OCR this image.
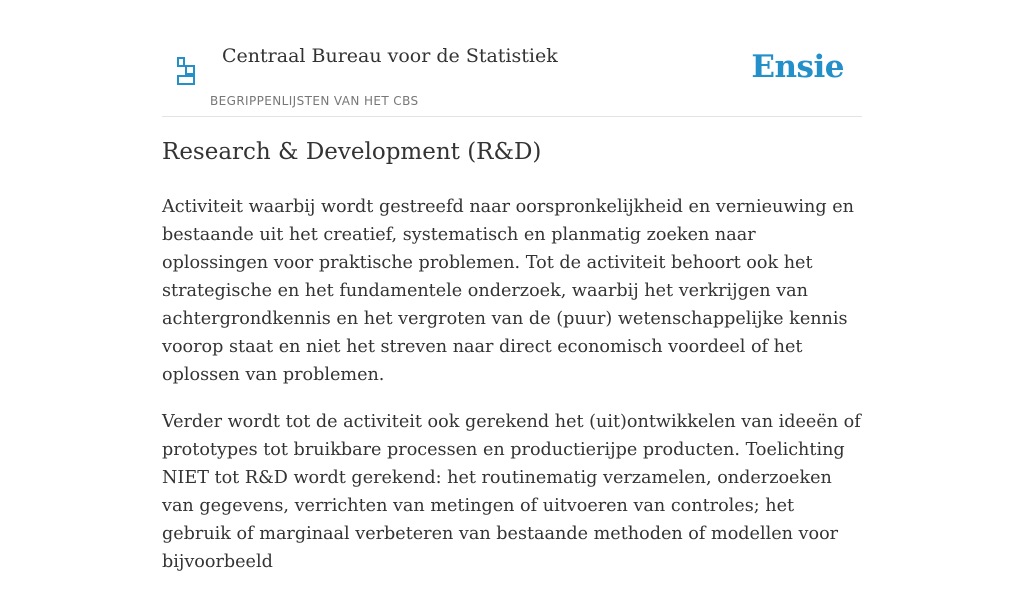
Centraal Bureau voor de Statistiek
BEGRIPPENLIJSTEN VAN HET CBS
Ensie
Research & Development (R&D)

Activiteit waarbij wordt gestreefd naar oorspronkelijkheid en vernieuwing en bestaande uit het creatief, systematisch en planmatig zoeken naar oplossingen voor praktische problemen. Tot de activiteit behoort ook het strategische en het fundamentele onderzoek, waarbij het verkrijgen van achtergrondkennis en het vergroten van de (puur) wetenschappelijke kennis voorop staat en niet het streven naar direct economisch voordeel of het oplossen van problemen.

Verder wordt tot de activiteit ook gerekend het (uit)ontwikkelen van ideeën of prototypes tot bruikbare processen en productierijpe producten. Toelichting NIET tot R&D wordt gerekend: het routinematig verzamelen, onderzoeken van gegevens, verrichten van metingen of uitvoeren van controles; het gebruik of marginaal verbeteren van bestaande methoden of modellen voor bijvoorbeeld
